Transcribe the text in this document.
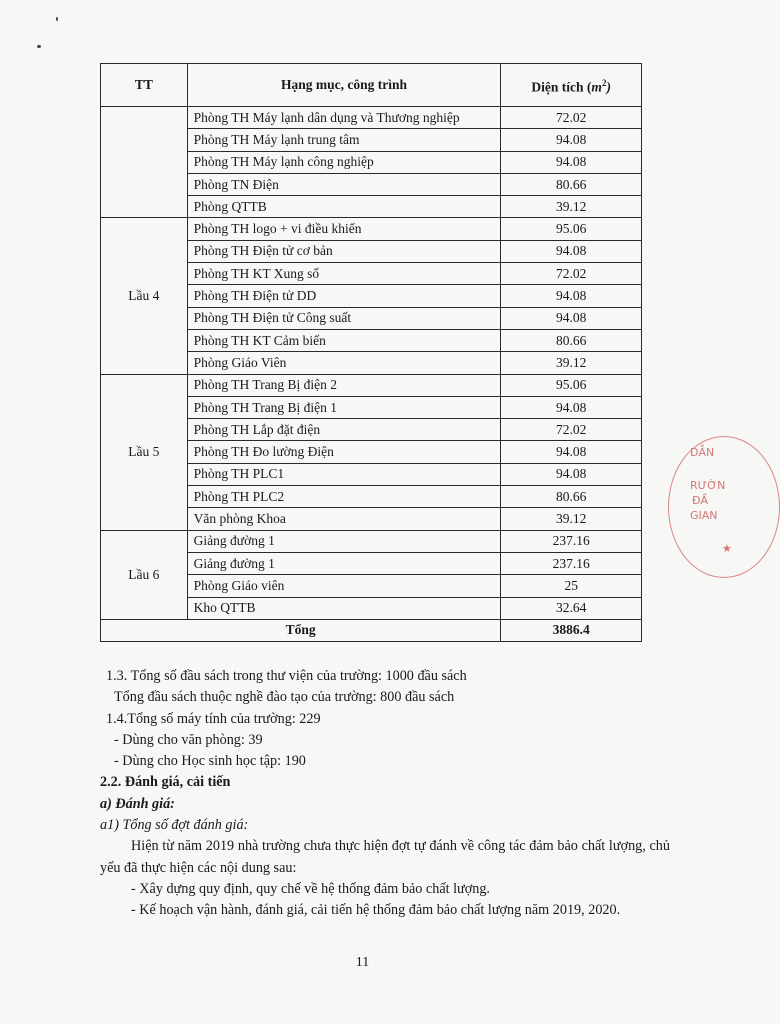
TT	Hạng mục, công trình	Diện tích $(m^2)$
	Phòng TH Máy lạnh dân dụng và Thương nghiệp	72.02
	Phòng TH Máy lạnh trung tâm	94.08
	Phòng TH Máy lạnh công nghiệp	94.08
	Phòng TN Điện	80.66
	Phòng QTTB	39.12
Lầu 4	Phòng TH logo + vi điều khiển	95.06
	Phòng TH Điện tử cơ bản	94.08
	Phòng TH KT Xung số	72.02
	Phòng TH Điện tử DD	94.08
	Phòng TH Điện tử Công suất	94.08
	Phòng TH KT Cảm biến	80.66
	Phòng Giáo Viên	39.12
Lầu 5	Phòng TH Trang Bị điện 2	95.06
	Phòng TH Trang Bị điện 1	94.08
	Phòng TH Lắp đặt điện	72.02
	Phòng TH Đo lường Điện	94.08
	Phòng TH PLC1	94.08
	Phòng TH PLC2	80.66
	Văn phòng Khoa	39.12
Lầu 6	Giảng đường 1	237.16
	Giảng đường 1	237.16
	Phòng Giáo viên	25
	Kho QTTB	32.64
Tổng		3886.4

1.3. Tổng số đầu sách trong thư viện của trường: 1000 đầu sách

Tổng đầu sách thuộc nghề đào tạo của trường: 800 đầu sách

1.4.Tổng số máy tính của trường: 229

- Dùng cho văn phòng: 39

- Dùng cho Học sinh học tập: 190

2.2. Đánh giá, cải tiến

a) Đánh giá:

a1) Tổng số đợt đánh giá:

Hiện từ năm 2019 nhà trường chưa thực hiện đợt tự đánh về công tác đảm bảo chất lượng, chủ yếu đã thực hiện các nội dung sau:

- Xây dựng quy định, quy chế về hệ thống đảm bảo chất lượng.

- Kế hoạch vận hành, đánh giá, cải tiến hệ thống đảm bảo chất lượng năm 2019, 2020.

11
DẪN
RƯỜN
ĐẦ
GIAN
★
